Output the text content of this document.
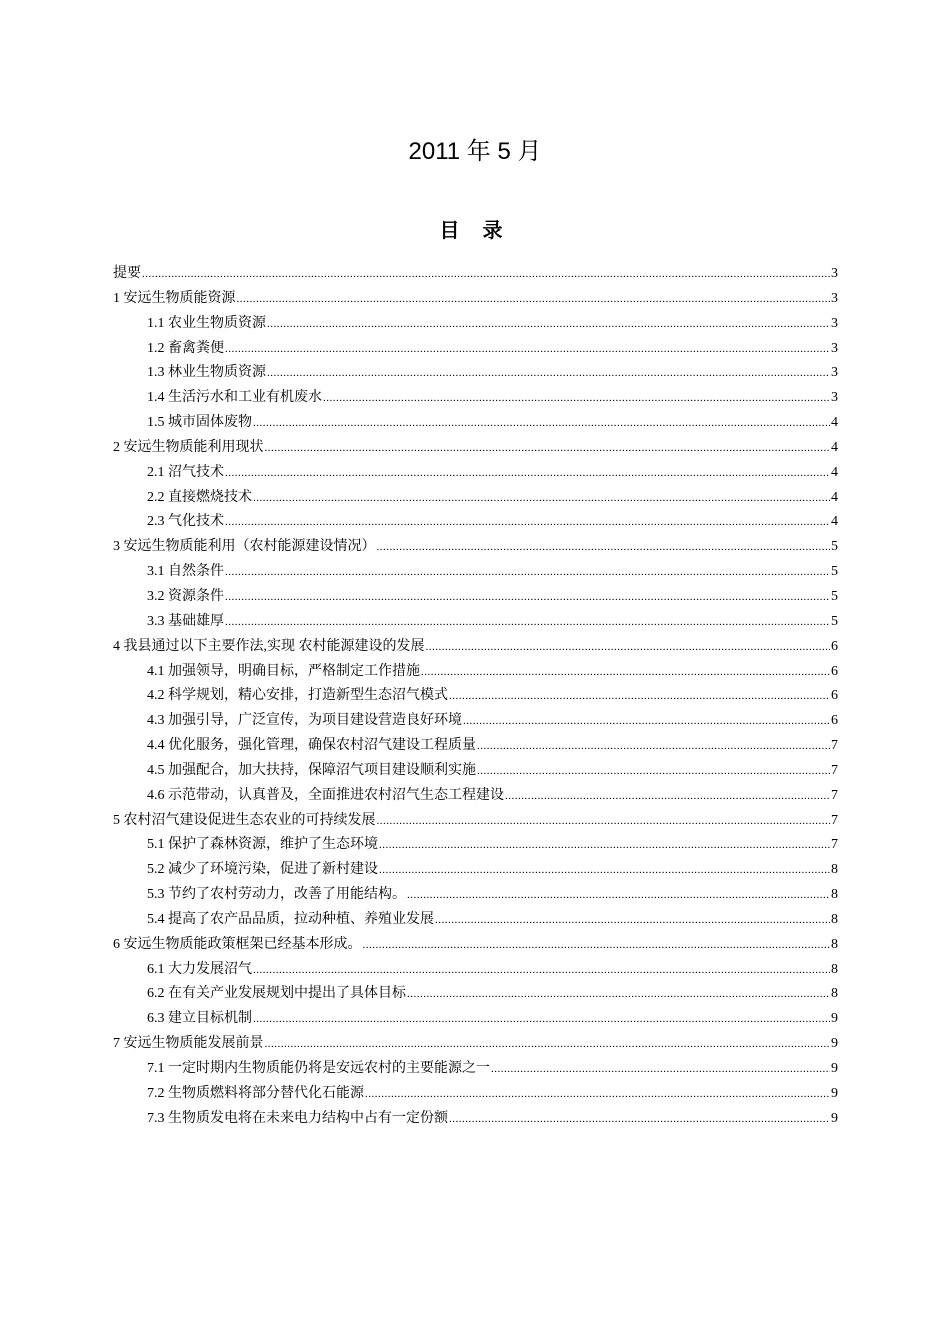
2011 年 5 月
目 录
提要 .....	3
1 安远生物质能资源 .....	3
1.1 农业生物质资源 .....	3
1.2 畜禽粪便 .....	3
1.3 林业生物质资源 .....	3
1.4 生活污水和工业有机废水 .....	3
1.5 城市固体废物 .....	4
2 安远生物质能利用现状 .....	4
2.1 沼气技术 .....	4
2.2 直接燃烧技术 .....	4
2.3 气化技术 .....	4
3 安远生物质能利用（农村能源建设情况） .....	5
3.1 自然条件 .....	5
3.2 资源条件 .....	5
3.3 基础雄厚 .....	5
4 我县通过以下主要作法,实现 农村能源建设的发展 .....	6
4.1 加强领导，明确目标，严格制定工作措施 .....	6
4.2 科学规划，精心安排，打造新型生态沼气模式 .....	6
4.3 加强引导，广泛宣传，为项目建设营造良好环境 .....	6
4.4 优化服务，强化管理，确保农村沼气建设工程质量 .....	7
4.5 加强配合，加大扶持，保障沼气项目建设顺利实施 .....	7
4.6 示范带动，认真普及，全面推进农村沼气生态工程建设 .....	7
5 农村沼气建设促进生态农业的可持续发展 .....	7
5.1 保护了森林资源，维护了生态环境 .....	7
5.2 减少了环境污染，促进了新村建设 .....	8
5.3 节约了农村劳动力，改善了用能结构。 .....	8
5.4 提高了农产品品质，拉动种植、养殖业发展 .....	8
6 安远生物质能政策框架已经基本形成。 .....	8
6.1 大力发展沼气 .....	8
6.2 在有关产业发展规划中提出了具体目标 .....	8
6.3 建立目标机制 .....	9
7 安远生物质能发展前景 .....	9
7.1 一定时期内生物质能仍将是安远农村的主要能源之一 .....	9
7.2 生物质燃料将部分替代化石能源 .....	9
7.3 生物质发电将在未来电力结构中占有一定份额 .....	9
